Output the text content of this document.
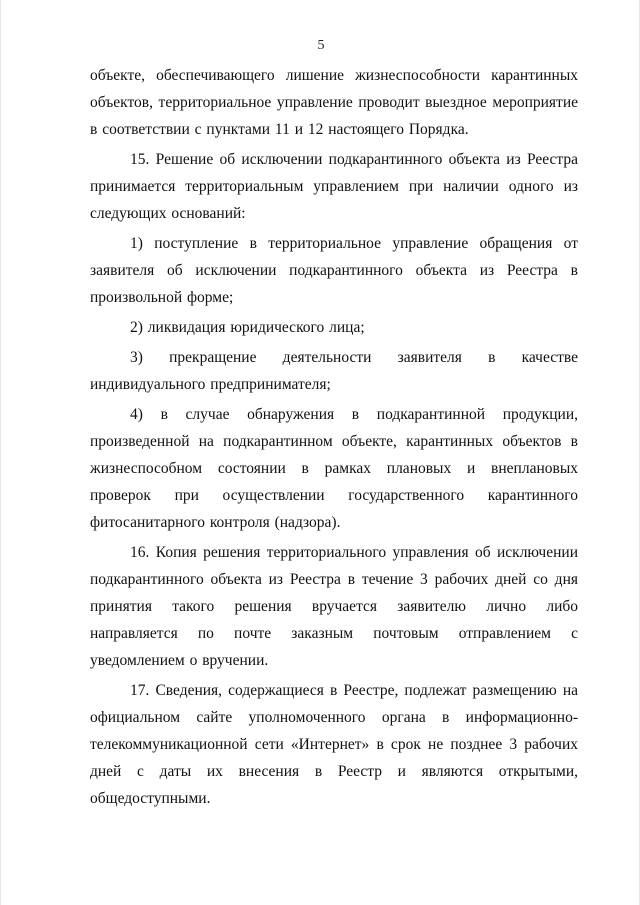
5

объекте, обеспечивающего лишение жизнеспособности карантинных объектов, территориальное управление проводит выездное мероприятие в соответствии с пунктами 11 и 12 настоящего Порядка.

15. Решение об исключении подкарантинного объекта из Реестра принимается территориальным управлением при наличии одного из следующих оснований:

1) поступление в территориальное управление обращения от заявителя об исключении подкарантинного объекта из Реестра в произвольной форме;

2) ликвидация юридического лица;

3) прекращение деятельности заявителя в качестве индивидуального предпринимателя;

4) в случае обнаружения в подкарантинной продукции, произведенной на подкарантинном объекте, карантинных объектов в жизнеспособном состоянии в рамках плановых и внеплановых проверок при осуществлении государственного карантинного фитосанитарного контроля (надзора).

16. Копия решения территориального управления об исключении подкарантинного объекта из Реестра в течение 3 рабочих дней со дня принятия такого решения вручается заявителю лично либо направляется по почте заказным почтовым отправлением с уведомлением о вручении.

17. Сведения, содержащиеся в Реестре, подлежат размещению на официальном сайте уполномоченного органа в информационно-телекоммуникационной сети «Интернет» в срок не позднее 3 рабочих дней с даты их внесения в Реестр и являются открытыми, общедоступными.
